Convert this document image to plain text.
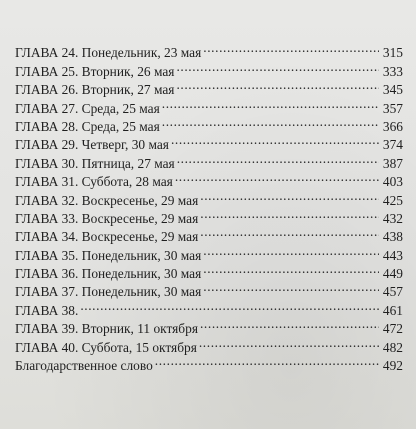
ГЛАВА 24. Понедельник, 23 мая .....	315
ГЛАВА 25. Вторник, 26 мая .....	333
ГЛАВА 26. Вторник, 27 мая .....	345
ГЛАВА 27. Среда, 25 мая .....	357
ГЛАВА 28. Среда, 25 мая .....	366
ГЛАВА 29. Четверг, 30 мая .....	374
ГЛАВА 30. Пятница, 27 мая .....	387
ГЛАВА 31. Суббота, 28 мая .....	403
ГЛАВА 32. Воскресенье, 29 мая .....	425
ГЛАВА 33. Воскресенье, 29 мая .....	432
ГЛАВА 34. Воскресенье, 29 мая .....	438
ГЛАВА 35. Понедельник, 30 мая .....	443
ГЛАВА 36. Понедельник, 30 мая .....	449
ГЛАВА 37. Понедельник, 30 мая .....	457
ГЛАВА 38. .....	461
ГЛАВА 39. Вторник, 11 октября .....	472
ГЛАВА 40. Суббота, 15 октября .....	482
Благодарственное слово .....	492
